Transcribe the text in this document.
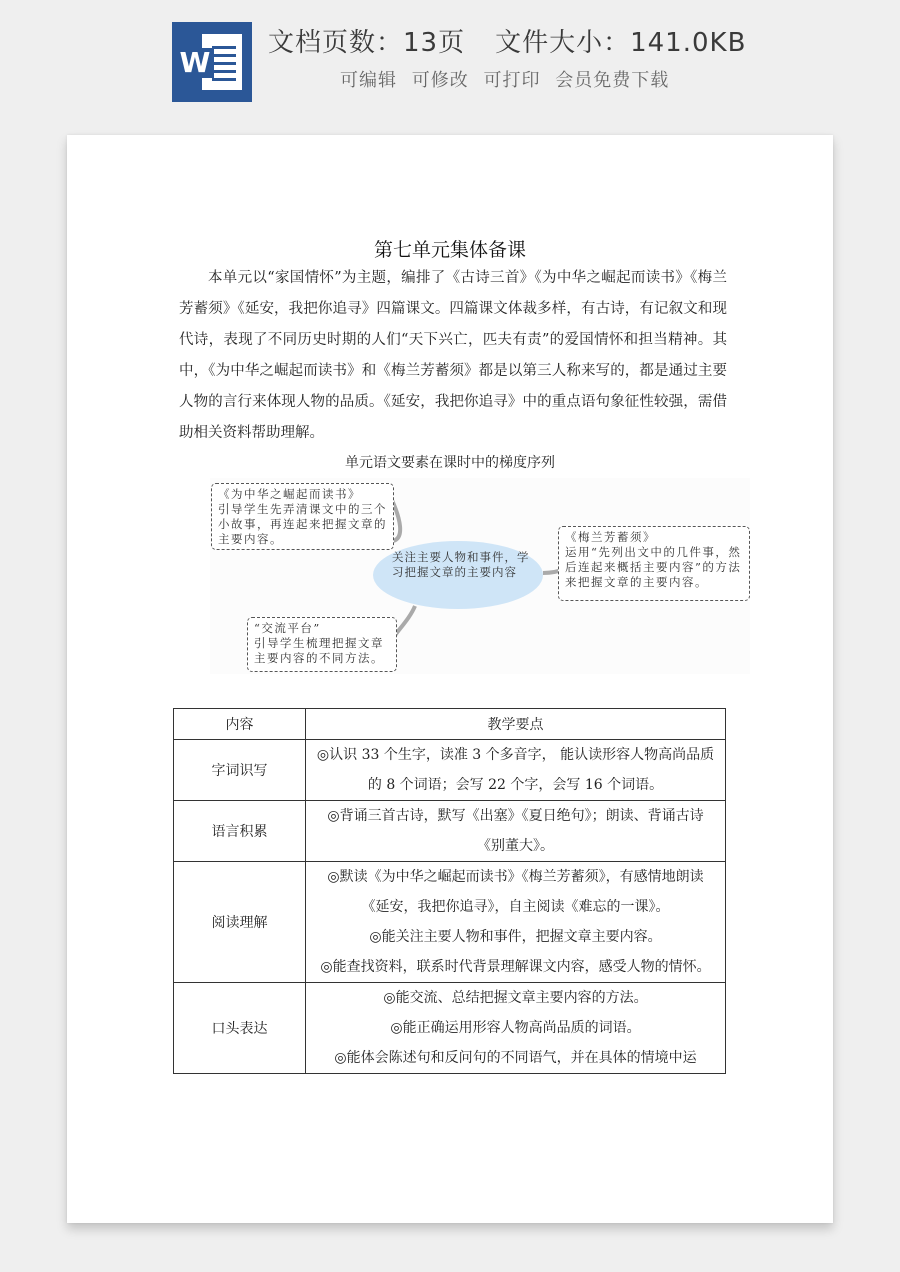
W
文档页数：13页 文件大小：141.0KB
可编辑 可修改 可打印 会员免费下载
第七单元集体备课
本单元以“家国情怀”为主题，编排了《古诗三首》《为中华之崛起而读书》《梅兰芳蓄须》《延安，我把你追寻》四篇课文。四篇课文体裁多样，有古诗，有记叙文和现代诗，表现了不同历史时期的人们“天下兴亡，匹夫有责”的爱国情怀和担当精神。其中，《为中华之崛起而读书》和《梅兰芳蓄须》都是以第三人称来写的，都是通过主要人物的言行来体现人物的品质。《延安，我把你追寻》中的重点语句象征性较强，需借助相关资料帮助理解。
单元语文要素在课时中的梯度序列
关注主要人物和事件，学习把握文章的主要内容
《为中华之崛起而读书》
引导学生先弄清课文中的三个小故事，再连起来把握文章的主要内容。	《梅兰芳蓄须》
运用“先列出文中的几件事，然后连起来概括主要内容”的方法来把握文章的主要内容。
“交流平台”
引导学生梳理把握文章主要内容的不同方法。
内容	教学要点
字词识写	◎认识 33 个生字，读准 3 个多音字， 能认读形容人物高尚品质的 8 个词语；会写 22 个字，会写 16 个词语。

语言积累	◎背诵三首古诗，默写《出塞》《夏日绝句》；朗读、背诵古诗《别董大》。

阅读理解	◎默读《为中华之崛起而读书》《梅兰芳蓄须》，有感情地朗读《延安，我把你追寻》，自主阅读《难忘的一课》。
◎能关注主要人物和事件，把握文章主要内容。
◎能查找资料，联系时代背景理解课文内容，感受人物的情怀。

口头表达	◎能交流、总结把握文章主要内容的方法。
◎能正确运用形容人物高尚品质的词语。
◎能体会陈述句和反问句的不同语气，并在具体的情境中运
